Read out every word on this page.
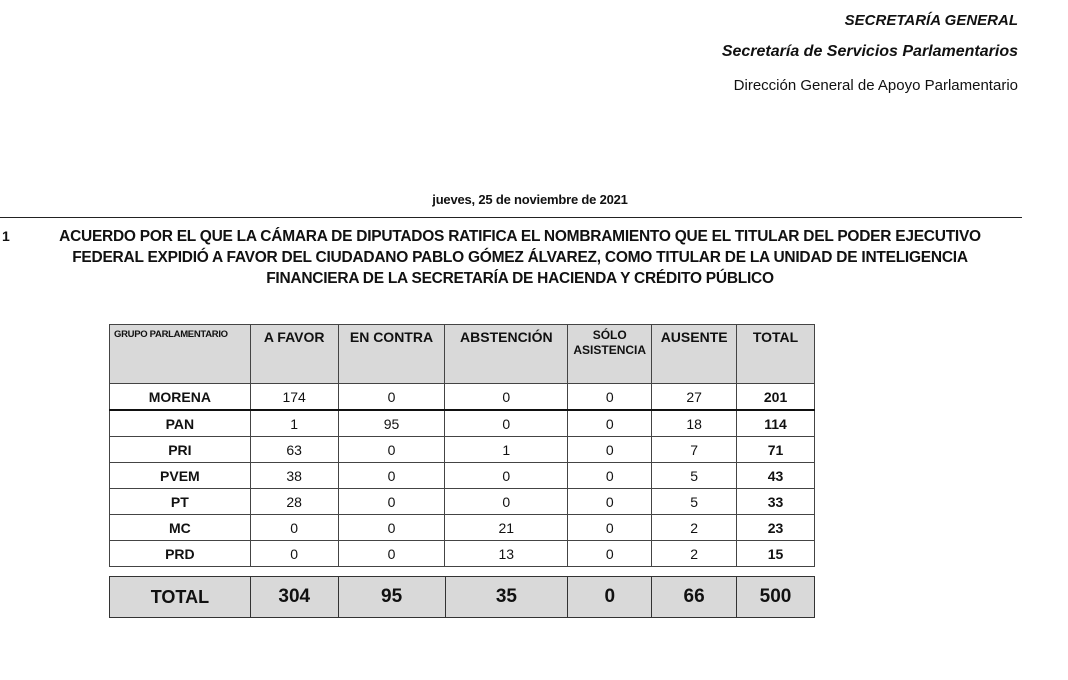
SECRETARÍA GENERAL
Secretaría de Servicios Parlamentarios
Dirección General de Apoyo Parlamentario
jueves, 25 de noviembre de 2021
1	ACUERDO POR EL QUE LA CÁMARA DE DIPUTADOS RATIFICA EL NOMBRAMIENTO QUE EL TITULAR DEL PODER EJECUTIVO FEDERAL EXPIDIÓ A FAVOR DEL CIUDADANO PABLO GÓMEZ ÁLVAREZ, COMO TITULAR DE LA UNIDAD DE INTELIGENCIA FINANCIERA DE LA SECRETARÍA DE HACIENDA Y CRÉDITO PÚBLICO
GRUPO PARLAMENTARIO	A FAVOR	EN CONTRA	ABSTENCIÓN	SÓLO ASISTENCIA	AUSENTE	TOTAL
MORENA	174	0	0	0	27	201
PAN	1	95	0	0	18	114
PRI	63	0	1	0	7	71
PVEM	38	0	0	0	5	43
PT	28	0	0	0	5	33
MC	0	0	21	0	2	23
PRD	0	0	13	0	2	15
TOTAL	304	95	35	0	66	500
